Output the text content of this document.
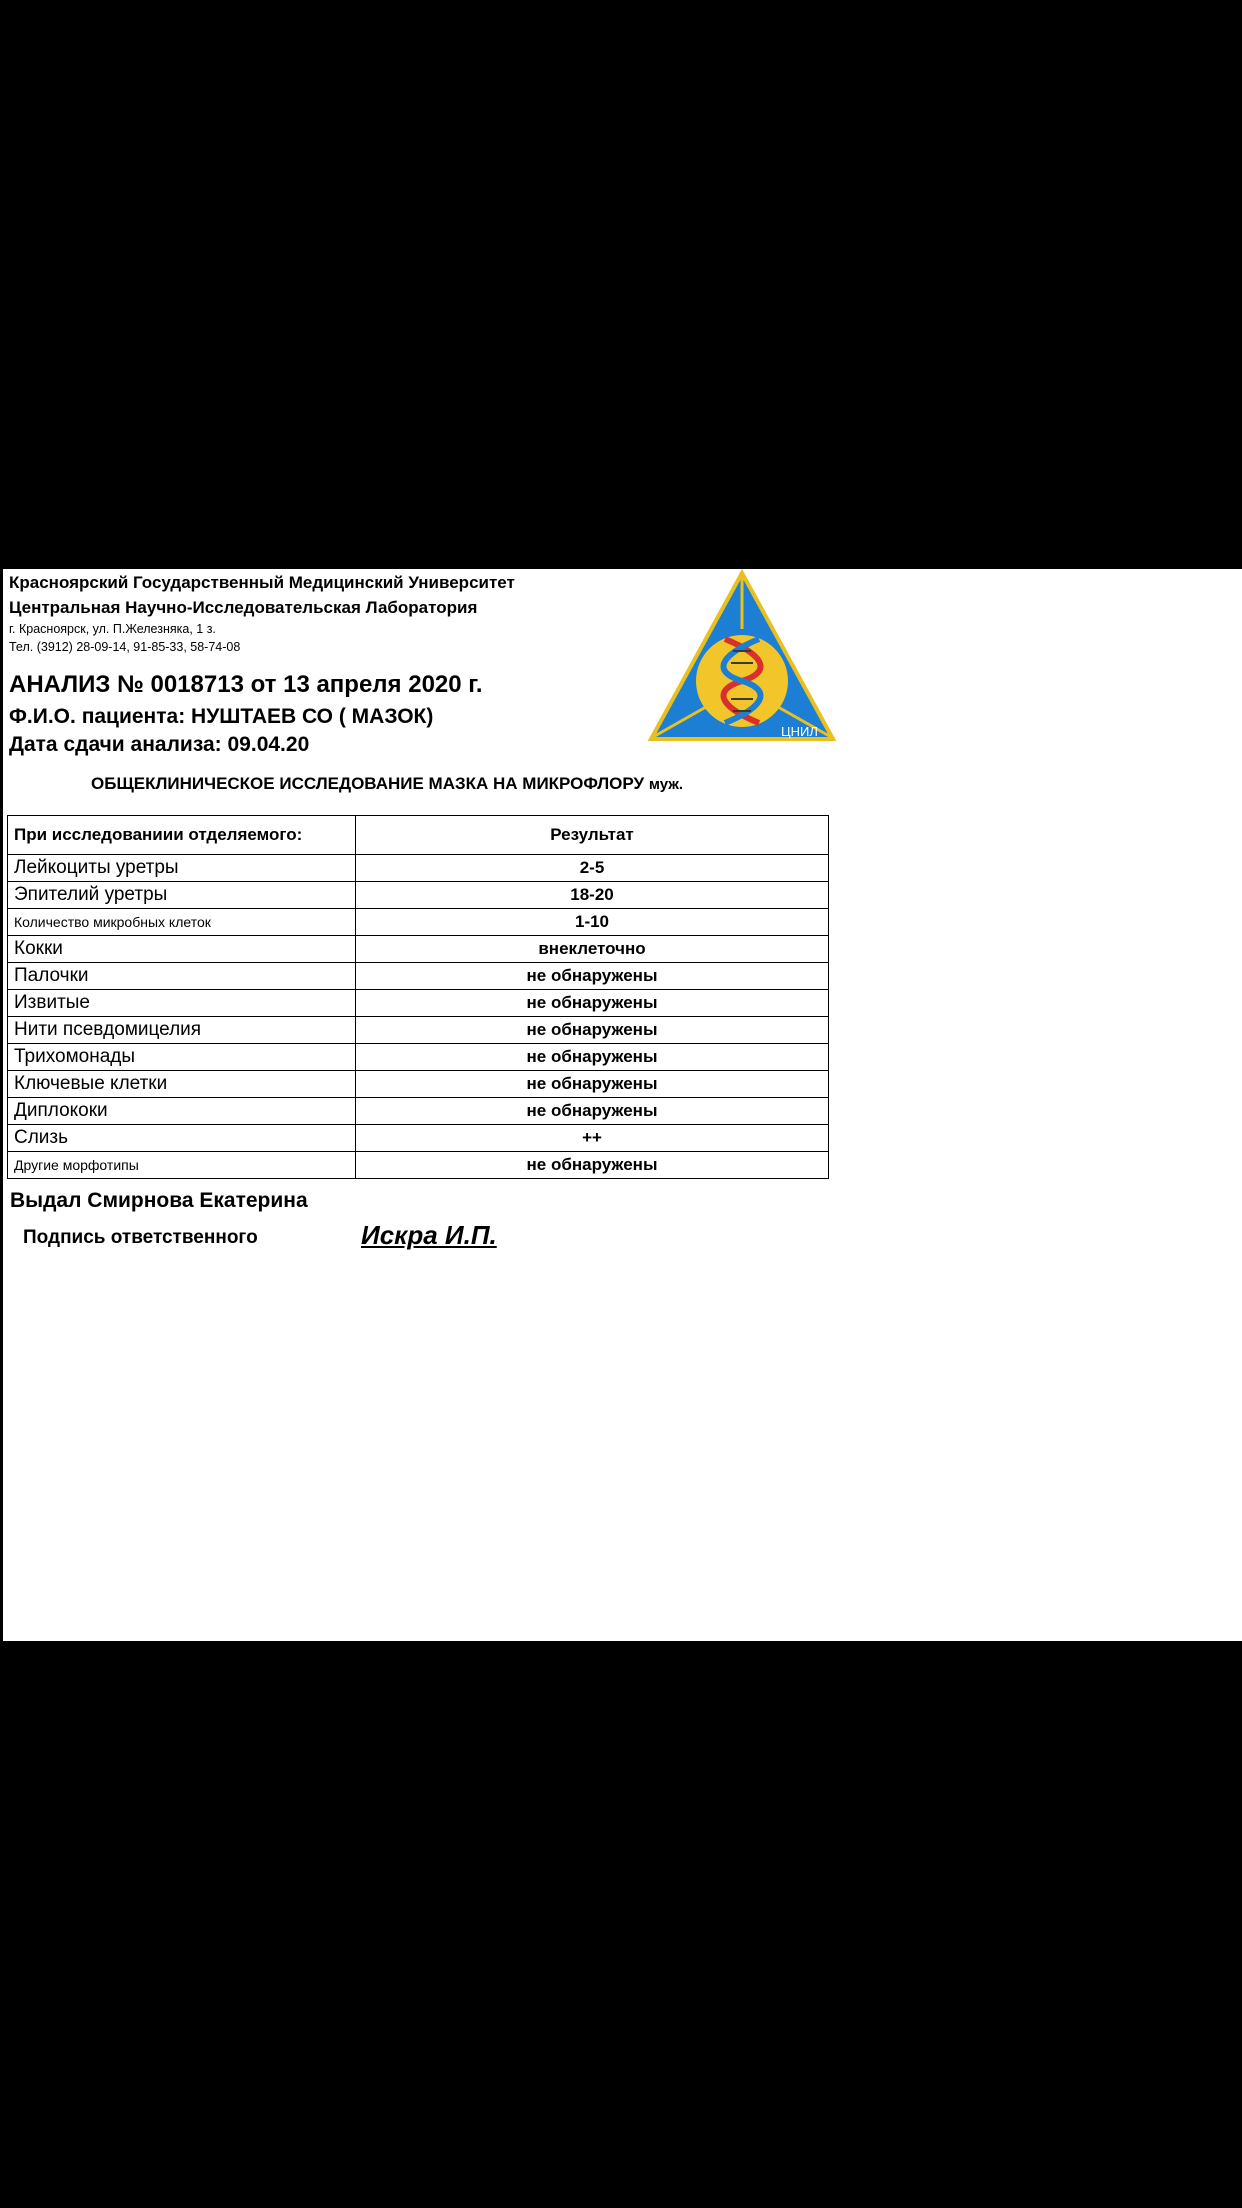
Красноярский Государственный Медицинский Университет
Центральная Научно-Исследовательская Лаборатория
г. Красноярск, ул. П.Железняка, 1 з.
Тел. (3912) 28-09-14, 91-85-33, 58-74-08
ЦНИЛ
АНАЛИЗ № 0018713 от 13 апреля 2020 г.
Ф.И.О. пациента: НУШТАЕВ СО ( МАЗОК)
Дата сдачи анализа: 09.04.20
ОБЩЕКЛИНИЧЕСКОЕ ИССЛЕДОВАНИЕ МАЗКА НА МИКРОФЛОРУ муж.
При исследованиии отделяемого:	Результат
Лейкоциты уретры	2-5
Эпителий уретры	18-20
Количество микробных клеток	1-10
Кокки	внеклеточно
Палочки	не обнаружены
Извитые	не обнаружены
Нити псевдомицелия	не обнаружены
Трихомонады	не обнаружены
Ключевые клетки	не обнаружены
Диплококи	не обнаружены
Слизь	++
Другие морфотипы	не обнаружены
Выдал Смирнова Екатерина
Подпись ответственного	Искра И.П.
